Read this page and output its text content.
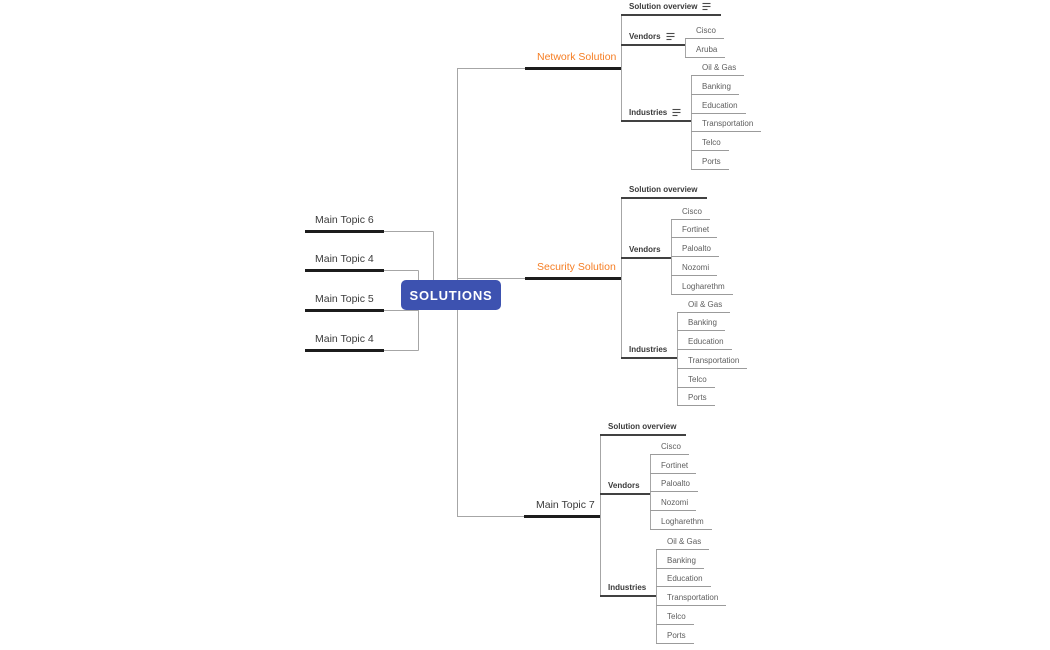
SOLUTIONS
Main Topic 6
Main Topic 4
Main Topic 5
Main Topic 4
Network Solution
Solution overview
Vendors
Cisco
Aruba
Industries
Oil & Gas
Banking
Education
Transportation
Telco
Ports
Security Solution
Solution overview
Vendors
Cisco
Fortinet
Paloalto
Nozomi
Logharethm
Industries
Oil & Gas
Banking
Education
Transportation
Telco
Ports
Main Topic 7
Solution overview
Vendors
Cisco
Fortinet
Paloalto
Nozomi
Logharethm
Industries
Oil & Gas
Banking
Education
Transportation
Telco
Ports
